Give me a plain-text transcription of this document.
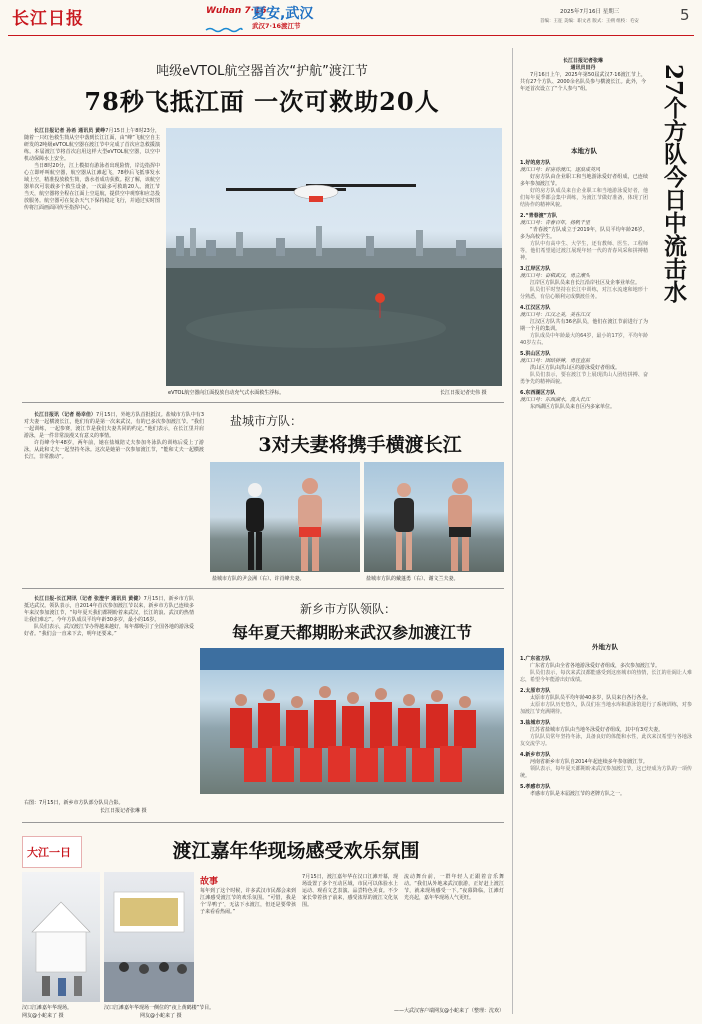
长江日报	Wuhan 7·16
夏安,武汉
武汉7·16渡江节
2025年7月16日 星期三
首编：王征 美编：职文君 版式：王朔 组校：毛安	5
吨级eVTOL航空器首次“护航”渡江节
78秒飞抵江面 一次可救助20人

长江日报记者 孙希 通讯员 黄峥7月15日上午8时23分，随着一只红色救生筒从空中落到长江江面，由“峰”飞航空自主研发的2吨级eVTOL航空器在渡江节中完成了首次应急救援演练。本届渡江节将首次启用这样大型eVTOL航空器，以空中机动保障水上安全。

当日8时20分，江上模拟有游泳者出现险情，岸边指挥中心立即呼叫航空器，航空器从江滩起飞，78秒后飞抵事发水域上空，精准投放救生筒，落水者成功获救。据了解，该航空器单次可装载多个救生设备，一次最多可救助20人。渡江节当天，航空器将全程在江面上空巡航，提供空中观察和应急投放服务。航空器可在复杂天气下保持稳定飞行，并通过实时图传将江面画面回传至指挥中心。

eVTOL航空器向江面投放自动充气式水面救生浮标。	长江日报记者史伟 摄
盐城市方队：
3对夫妻将携手横渡长江

长江日报讯（记者 杨幸佳）7月15日，外地方队首批抵汉。盐城市方队中有3对夫妻一起横渡长江，他们有的是第一次来武汉，有的已多次参加渡江节。“我们一起训练，一起参赛，渡江节是我们夫妻共同的约定。”他们表示，在长江里并肩游泳，是一件非常浪漫又有意义的事情。

许肖峰今年48岁，两年前，她在盐城陪丈夫参加冬泳队的训练后爱上了游泳，从此和丈夫一起坚持冬泳。这次是她第一次参加渡江节，“能和丈夫一起横渡长江，非常激动”。

盐城市方队的尹会洲（右）、许肖峰夫妻。	盐城市方队的戴蓬勇（右）、谢文兰夫妻。
新乡市方队领队：
每年夏天都期盼来武汉参加渡江节

长江日报-长江网讯（记者 张澄宇 通讯员 黄健）7月15日，新乡市方队抵达武汉。领队表示，自2014年首次参加渡江节以来，新乡市方队已连续多年来汉参加渡江节，“每年夏天我们都期盼着来武汉，长江的浪、武汉的热情让我们难忘”。今年方队成员平均年龄30多岁，最小的16岁。

队员们表示，武汉渡江节办得越来越好，每年都吸引了全国各地的游泳爱好者。“我们会一直来下去，明年还要来。”

右图：7月15日，新乡市方队部分队员合影。
长江日报记者张琳 摄
大江一日	渡江嘉年华现场感受欢乐氛围
汉口江滩嘉年华现场。
网友@小蛇来了 摄
汉口江滩嘉年华现场一侧位的“夜上黄鹤楼”节目。
网友@小蛇来了 摄
故事
每年到了这个时候，许多武汉市民都会来到江滩感受渡江节的欢乐氛围。“可惜，我是个‘旱鸭子’，无法下水渡江，但还是要带孩子来看看热闹。”
7月15日，渡江嘉年华在汉口江滩开幕，现场设置了多个互动区域，市民可以体验水上运动、观看文艺表演、品尝特色美食。不少家长带着孩子前来，感受浓厚的渡江文化氛围。
流动舞台前，一群年轻人正跟着音乐舞动。“我们从外地来武汉旅游，正好赶上渡江节，就来现场感受一下。”夜幕降临，江滩灯光亮起，嘉年华现场人气更旺。
——大武汉客户端网友@小蛇来了（整理：沈欢）
长江日报记者张琳
通讯员田丹

7月16日上午，2025年第50届武汉7·16渡江节上，共有27个方队、2000余名队员参与横渡长江。此外，今年还首次设立了“个人参与”组。	27个方队今日中流击水
本地方队
1.好的房方队
渡江口号：好房待渡江，逐浪成英风

好房方队由企业职工和当地游泳爱好者组成，已连续多年参加渡江节。

好的房方队成员来自企业职工和当地游泳爱好者，他们每年夏季都会集中训练，为渡江节做好准备，体现了团结协作的精神风貌。

2.“青春渡”方队
渡江口号：青春百年，扬帆千里

“青春渡”方队成立于2019年，队员平均年龄26岁，多为高校学生。

方队中有高中生、大学生，还有教师、医生、工程师等，他们希望通过渡江展现年轻一代的青春风采和拼搏精神。

3.江岸区方队
渡江口号：奋楫武汉，勇立潮头

江岸区方队队员来自长江沿岸社区及企事业单位。

队员们平时坚持在长江中训练，对江水流速和地形十分熟悉，有信心顺利完成横渡任务。

4.江汉区方队
渡江口号：江汉之美，美在江汉

江汉区方队共有36名队员，他们在渡江节前进行了为期一个月的集训。

方队成员中年龄最大的64岁，最小的17岁，平均年龄40岁左右。

5.洪山区方队
渡江口号：团结拼搏，勇往直前

洪山区方队由洪山区的游泳爱好者组成。

队员们表示，要在渡江节上展现洪山人团结拼搏、奋勇争先的精神面貌。

6.东西湖区方队
渡江口号：东西湖水，流入长江

东西湖区方队队员来自区内多家单位。

外地方队
1.广东省方队

广东省方队由全省各地游泳爱好者组成，多次参加渡江节。

队员们表示，每次来武汉都能感受到这座城市的热情，长江的壮阔让人难忘，希望今年能游出好成绩。

2.太原市方队

太原市方队队员平均年龄40多岁，队员来自各行各业。

太原市方队历史悠久，队员们在当地水库和游泳馆进行了系统训练，对参加渡江节充满期待。

3.盐城市方队

江苏省盐城市方队由当地冬泳爱好者组成，其中有3对夫妻。

方队队员常年坚持冬泳，具备良好的体能和水性，此次来汉希望与各地泳友交流学习。

4.新乡市方队

河南省新乡市方队自2014年起连续多年参加渡江节。

领队表示，每年夏天都期盼来武汉参加渡江节，这已经成为方队的一项传统。

5.孝感市方队

孝感市方队是本届渡江节的老牌方队之一。
